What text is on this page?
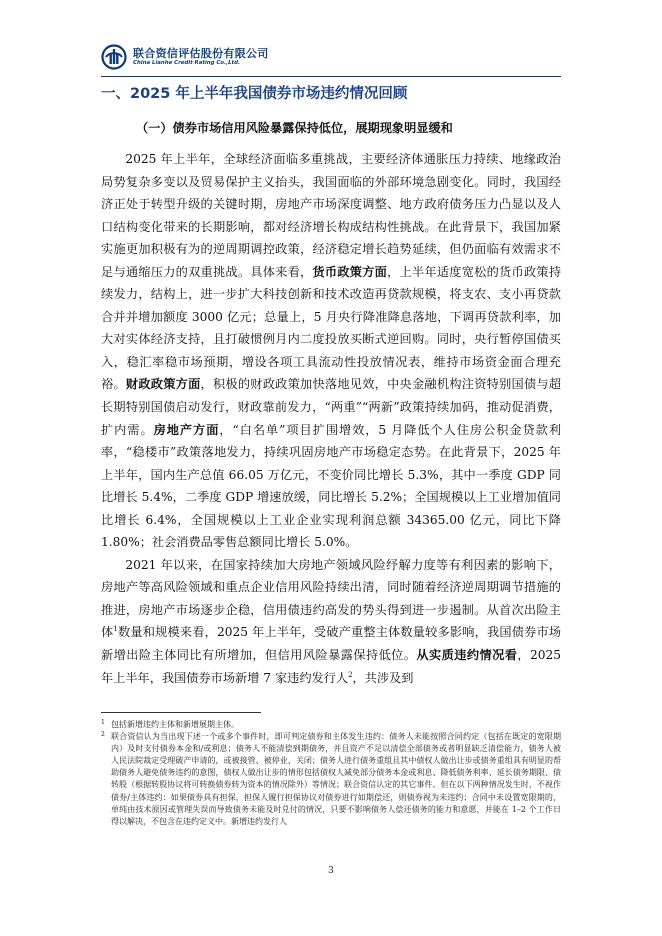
联合资信评估股份有限公司
China Lianhe Credit Rating Co.,Ltd.
一、2025 年上半年我国债券市场违约情况回顾
（一）债券市场信用风险暴露保持低位，展期现象明显缓和

2025 年上半年，全球经济面临多重挑战，主要经济体通胀压力持续、地缘政治局势复杂多变以及贸易保护主义抬头，我国面临的外部环境急剧变化。同时，我国经济正处于转型升级的关键时期，房地产市场深度调整、地方政府债务压力凸显以及人口结构变化带来的长期影响，都对经济增长构成结构性挑战。在此背景下，我国加紧实施更加积极有为的逆周期调控政策，经济稳定增长趋势延续，但仍面临有效需求不足与通缩压力的双重挑战。具体来看，货币政策方面，上半年适度宽松的货币政策持续发力，结构上，进一步扩大科技创新和技术改造再贷款规模，将支农、支小再贷款合并并增加额度 3000 亿元；总量上，5 月央行降准降息落地，下调再贷款利率，加大对实体经济支持，且打破惯例月内二度投放买断式逆回购。同时，央行暂停国债买入，稳汇率稳市场预期，增设各项工具流动性投放情况表，维持市场资金面合理充裕。财政政策方面，积极的财政政策加快落地见效，中央金融机构注资特别国债与超长期特别国债启动发行，财政靠前发力，“两重”“两新”政策持续加码，推动促消费，扩内需。房地产方面，“白名单”项目扩围增效，5 月降低个人住房公积金贷款利率，“稳楼市”政策落地发力，持续巩固房地产市场稳定态势。在此背景下，2025 年上半年，国内生产总值 66.05 万亿元，不变价同比增长 5.3%，其中一季度 GDP 同比增长 5.4%，二季度 GDP 增速放缓，同比增长 5.2%；全国规模以上工业增加值同比增长 6.4%，全国规模以上工业企业实现利润总额 34365.00 亿元，同比下降 1.80%；社会消费品零售总额同比增长 5.0%。

2021 年以来，在国家持续加大房地产领域风险纾解力度等有利因素的影响下，房地产等高风险领域和重点企业信用风险持续出清，同时随着经济逆周期调节措施的推进，房地产市场逐步企稳，信用债违约高发的势头得到进一步遏制。从首次出险主体$^1$数量和规模来看，2025 年上半年，受破产重整主体数量较多影响，我国债券市场新增出险主体同比有所增加，但信用风险暴露保持低位。从实质违约情况看，2025 年上半年，我国债券市场新增 7 家违约发行人$^2$，共涉及到

1 包括新增违约主体和新增展期主体。

2 联合资信认为当出现下述一个或多个事件时，即可判定债券和主体发生违约：债务人未能按照合同约定（包括在既定的宽限期内）及时支付债券本金和/或利息；债务人不能清偿到期债务，并且资产不足以清偿全部债务或者明显缺乏清偿能力，债务人被人民法院裁定受理破产申请的，或被接管、被停业、关闭；债务人进行债务重组且其中债权人做出让步或债务重组具有明显的帮助债务人避免债务违约的意图，债权人做出让步的情形包括债权人减免部分债务本金或利息、降低债务利率、延长债务期限、债转股（根据转股协议将可转换债券转为资本的情况除外）等情况；联合资信认定的其它事件。但在以下两种情况发生时，不视作债券/主体违约：如果债券具有担保，担保人履行担保协议对债券进行如期偿还，则债券视为未违约；合同中未设置宽限期的，单纯由技术原因或管理失误而导致债务未能及时兑付的情况，只要不影响债务人偿还债务的能力和意愿，并能在 1–2 个工作日得以解决，不包含在违约定义中。新增违约发行人

3
